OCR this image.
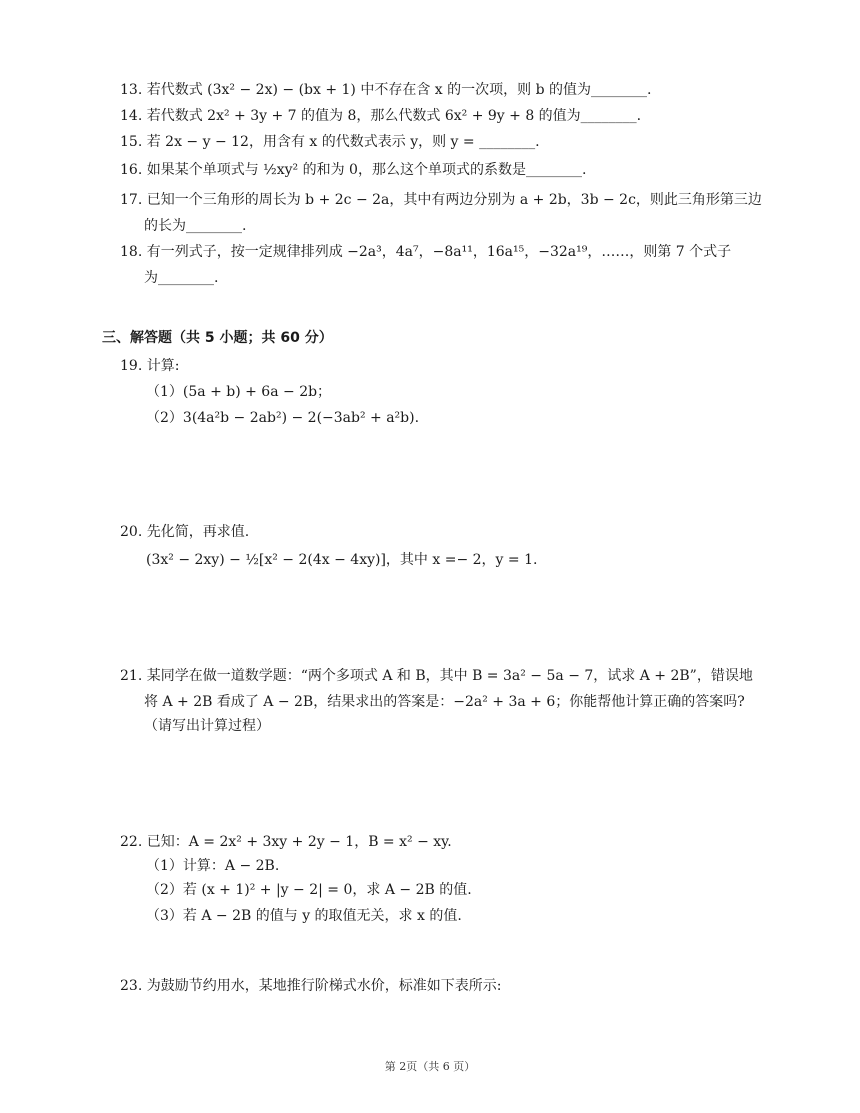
13. 若代数式 (3x² − 2x) − (bx + 1) 中不存在含 x 的一次项，则 b 的值为________.
14. 若代数式 2x² + 3y + 7 的值为 8，那么代数式 6x² + 9y + 8 的值为________.
15. 若 2x − y − 12，用含有 x 的代数式表示 y，则 y = ________.
16. 如果某个单项式与 ½xy² 的和为 0，那么这个单项式的系数是________.
17. 已知一个三角形的周长为 b + 2c − 2a，其中有两边分别为 a + 2b，3b − 2c，则此三角形第三边
的长为________.
18. 有一列式子，按一定规律排列成 −2a³，4a⁷，−8a¹¹，16a¹⁵，−32a¹⁹，……，则第 7 个式子
为________.
三、解答题（共 5 小题；共 60 分）
19. 计算:
（1）(5a + b) + 6a − 2b；
（2）3(4a²b − 2ab²) − 2(−3ab² + a²b).
20. 先化简，再求值.
(3x² − 2xy) − ½[x² − 2(4x − 4xy)]，其中 x =− 2，y = 1.
21. 某同学在做一道数学题：“两个多项式 A 和 B，其中 B = 3a² − 5a − 7，试求 A + 2B”，错误地
将 A + 2B 看成了 A − 2B，结果求出的答案是：−2a² + 3a + 6；你能帮他计算正确的答案吗?
（请写出计算过程）
22. 已知：A = 2x² + 3xy + 2y − 1，B = x² − xy.
（1）计算：A − 2B.
（2）若 (x + 1)² + |y − 2| = 0，求 A − 2B 的值.
（3）若 A − 2B 的值与 y 的取值无关，求 x 的值.
23. 为鼓励节约用水，某地推行阶梯式水价，标准如下表所示:
第 2页（共 6 页）
